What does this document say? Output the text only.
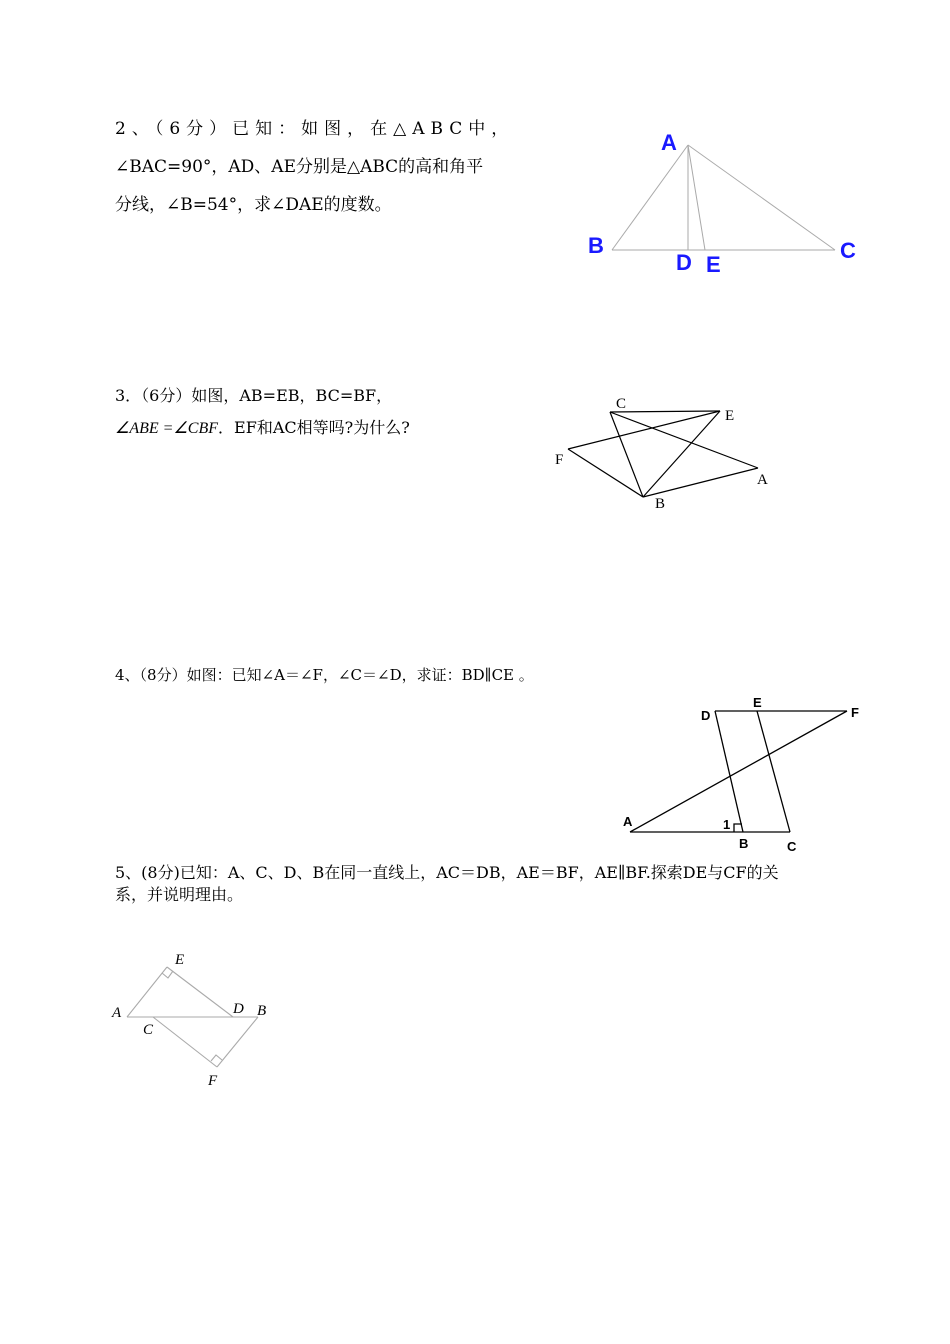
2、（6分）已知：如图，在△ABC中，
∠BAC=90°，AD、AE分别是△ABC的高和角平
分线，∠B=54°，求∠DAE的度数。
A
B	C
D E
3．（6分）如图，AB=EB，BC=BF，
∠ABE =∠CBF．EF和AC相等吗?为什么?
C
E
F
A
B
4、（8分）如图：已知∠A＝∠F，∠C＝∠D，求证：BD∥CE 。
D
E
F
A	1
B	C
5、(8分)已知：A、C、D、B在同一直线上，AC＝DB，AE＝BF，AE∥BF.探索DE与CF的关
系，并说明理由。
E
A	D B
C
F
